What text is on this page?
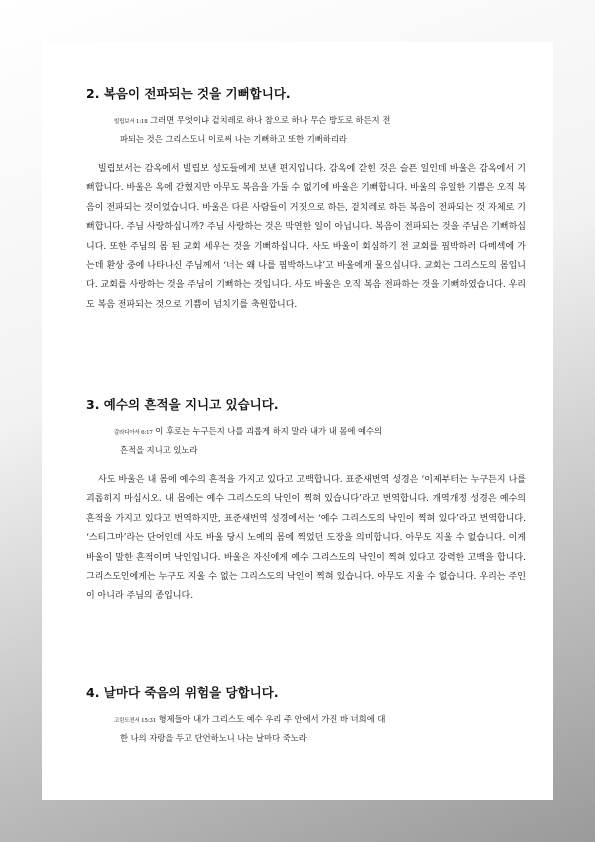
2. 복음이 전파되는 것을 기뻐합니다.

빌립보서 1:18 그러면 무엇이냐 겉치레로 하나 참으로 하나 무슨 방도로 하든지 전
파되는 것은 그리스도니 이로써 나는 기뻐하고 또한 기뻐하리라

빌립보서는 감옥에서 빌립보 성도들에게 보낸 편지입니다. 감옥에 갇힌 것은 슬픈 일인데 바울은 감옥에서 기뻐합니다. 바울은 옥에 갇혔지만 아무도 복음을 가둘 수 없기에 바울은 기뻐합니다. 바울의 유일한 기쁨은 오직 복음이 전파되는 것이었습니다. 바울은 다른 사람들이 거짓으로 하든, 겉치레로 하든 복음이 전파되는 것 자체로 기뻐합니다. 주님 사랑하십니까? 주님 사랑하는 것은 막연한 일이 아닙니다. 복음이 전파되는 것을 주님은 기뻐하십니다. 또한 주님의 몸 된 교회 세우는 것을 기뻐하십니다. 사도 바울이 회심하기 전 교회를 핍박하러 다메섹에 가는데 환상 중에 나타나신 주님께서 ‘너는 왜 나를 핍박하느냐’고 바울에게 물으십니다. 교회는 그리스도의 몸입니다. 교회를 사랑하는 것을 주님이 기뻐하는 것입니다. 사도 바울은 오직 복음 전파하는 것을 기뻐하였습니다. 우리도 복음 전파되는 것으로 기쁨이 넘치기를 축원합니다.

3. 예수의 흔적을 지니고 있습니다.

갈라디아서 6:17 이 후로는 누구든지 나를 괴롭게 하지 말라 내가 내 몸에 예수의
흔적을 지니고 있노라

사도 바울은 내 몸에 예수의 흔적을 가지고 있다고 고백합니다. 표준새번역 성경은 ‘이제부터는 누구든지 나를 괴롭히지 마십시오. 내 몸에는 예수 그리스도의 낙인이 찍혀 있습니다’라고 번역합니다. 개역개정 성경은 예수의 흔적을 가지고 있다고 번역하지만, 표준새번역 성경에서는 ‘예수 그리스도의 낙인이 찍혀 있다’라고 번역합니다. ‘스티그마’라는 단어인데 사도 바울 당시 노예의 몸에 찍었던 도장을 의미합니다. 아무도 지울 수 없습니다. 이게 바울이 말한 흔적이며 낙인입니다. 바울은 자신에게 예수 그리스도의 낙인이 찍혀 있다고 강력한 고백을 합니다. 그리스도인에게는 누구도 지울 수 없는 그리스도의 낙인이 찍혀 있습니다. 아무도 지울 수 없습니다. 우리는 주인이 아니라 주님의 종입니다.

4. 날마다 죽음의 위험을 당합니다.

고린도전서 15:31 형제들아 내가 그리스도 예수 우리 주 안에서 가진 바 너희에 대
한 나의 자랑을 두고 단언하노니 나는 날마다 죽노라
